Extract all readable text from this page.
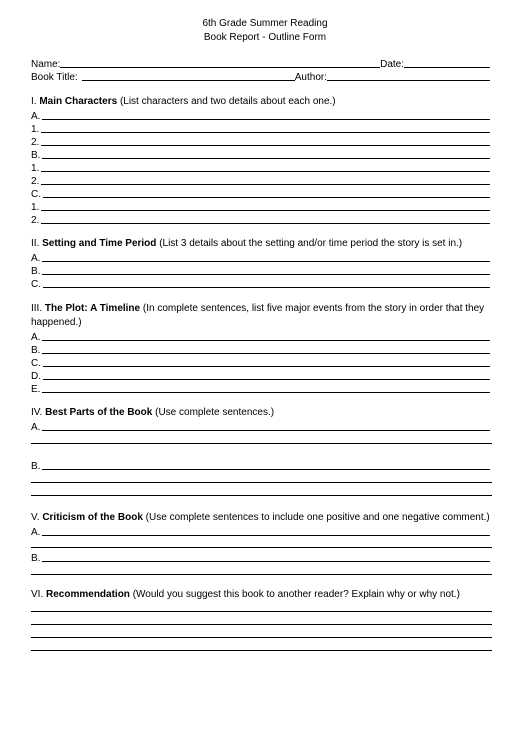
6th Grade Summer Reading
Book Report - Outline Form
Name:	Date:
Book Title:	Author:
I. Main Characters (List characters and two details about each one.)
A.
1.
2.
B.
1.
2.
C.
1.
2.
II. Setting and Time Period (List 3 details about the setting and/or time period the story is set in.)
A.
B.
C.
III. The Plot: A Timeline (In complete sentences, list five major events from the story in order that they happened.)
A.
B.
C.
D.
E.
IV. Best Parts of the Book (Use complete sentences.)
A.
B.
V. Criticism of the Book (Use complete sentences to include one positive and one negative comment.)
A.
B.
VI. Recommendation (Would you suggest this book to another reader? Explain why or why not.)
